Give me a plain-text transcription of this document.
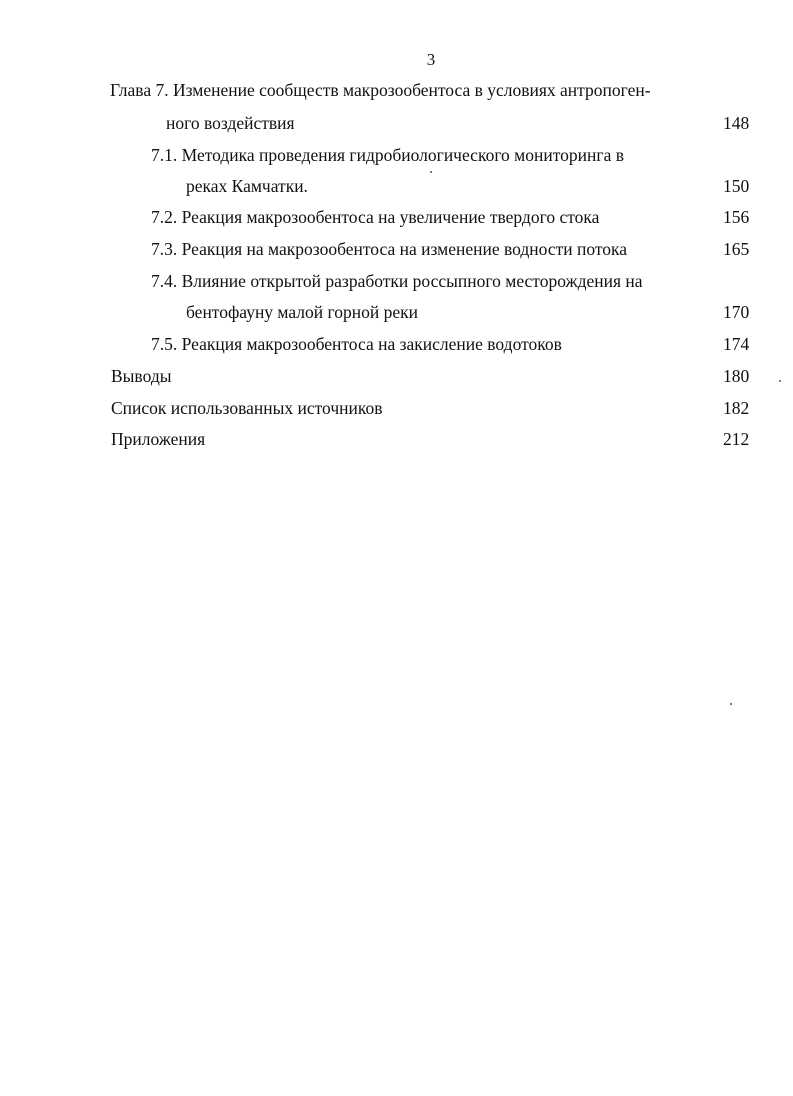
3
Глава 7. Изменение сообществ макрозообентоса в условиях антропоген-
ного воздействия	148
7.1. Методика проведения гидробиологического мониторинга в
реках Камчатки.	150
7.2. Реакция макрозообентоса на увеличение твердого стока	156
7.3. Реакция на макрозообентоса на изменение водности потока	165
7.4. Влияние открытой разработки россыпного месторождения на
бентофауну малой горной реки	170
7.5. Реакция макрозообентоса на закисление водотоков	174
Выводы	180
Список использованных источников	182
Приложения	212
